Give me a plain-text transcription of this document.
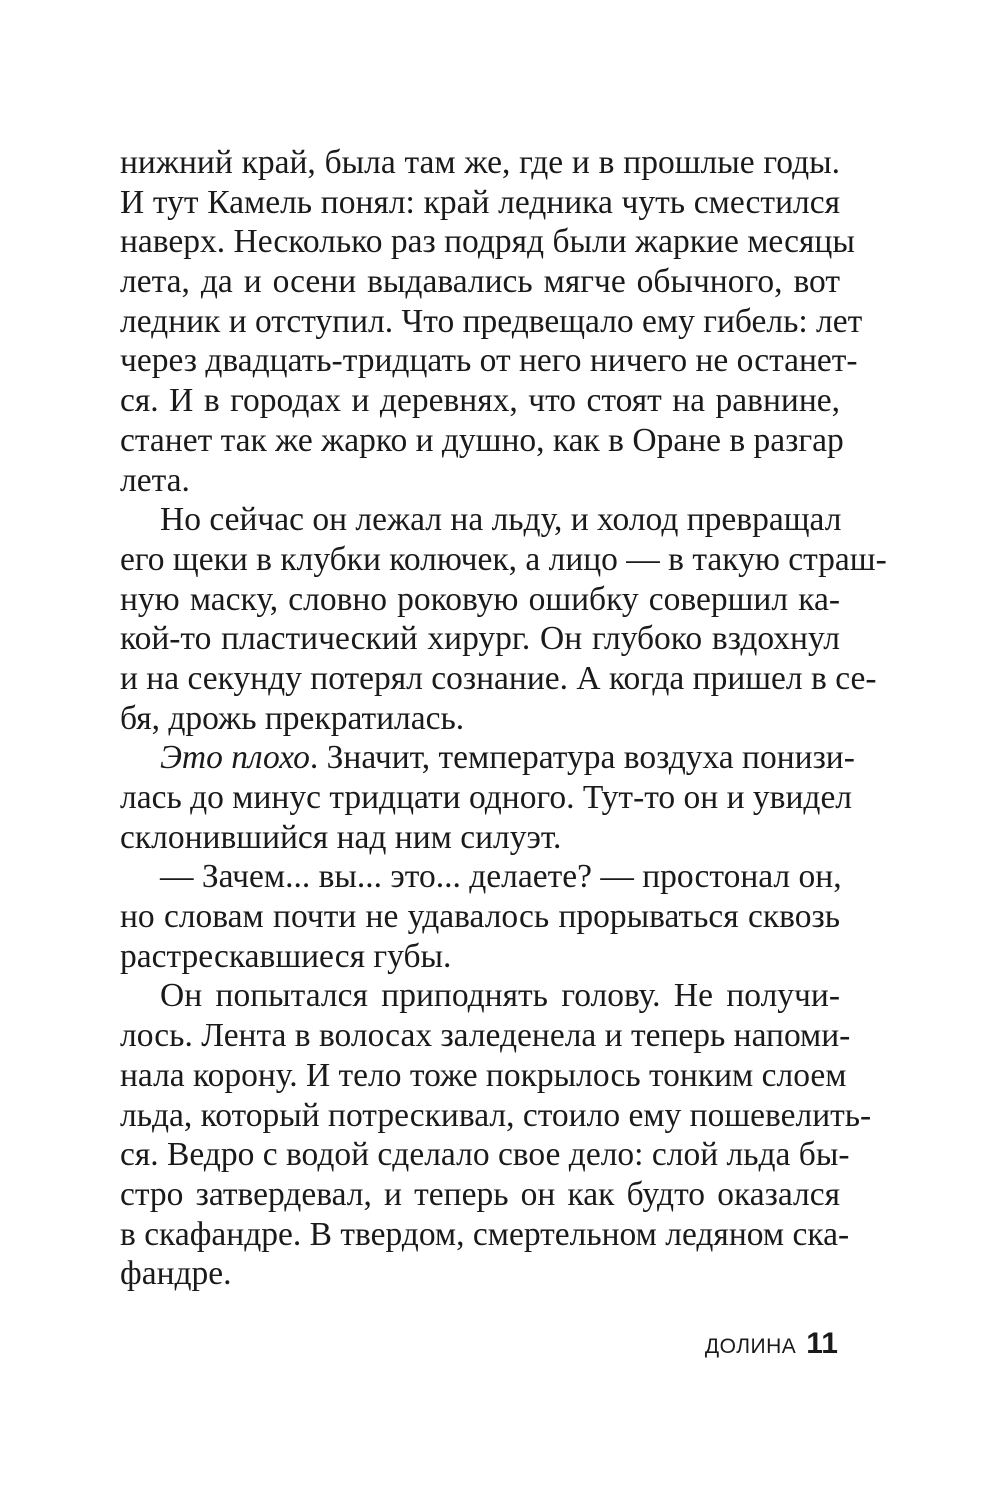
нижний край, была там же, где и в прошлые годы.
И тут Камель понял: край ледника чуть сместился
наверх. Несколько раз подряд были жаркие месяцы
лета, да и осени выдавались мягче обычного, вот
ледник и отступил. Что предвещало ему гибель: лет
через двадцать-тридцать от него ничего не останет-
ся. И в городах и деревнях, что стоят на равнине,
станет так же жарко и душно, как в Оране в разгар
лета.
Но сейчас он лежал на льду, и холод превращал
его щеки в клубки колючек, а лицо — в такую страш-
ную маску, словно роковую ошибку совершил ка-
кой-то пластический хирург. Он глубоко вздохнул
и на секунду потерял сознание. А когда пришел в се-
бя, дрожь прекратилась.
Это плохо. Значит, температура воздуха понизи-
лась до минус тридцати одного. Тут-то он и увидел
склонившийся над ним силуэт.
— Зачем... вы... это... делаете? — простонал он,
но словам почти не удавалось прорываться сквозь
растрескавшиеся губы.
Он попытался приподнять голову. Не получи-
лось. Лента в волосах заледенела и теперь напоми-
нала корону. И тело тоже покрылось тонким слоем
льда, который потрескивал, стоило ему пошевелить-
ся. Ведро с водой сделало свое дело: слой льда бы-
стро затвердевал, и теперь он как будто оказался
в скафандре. В твердом, смертельном ледяном ска-
фандре.
ДОЛИНА 11
